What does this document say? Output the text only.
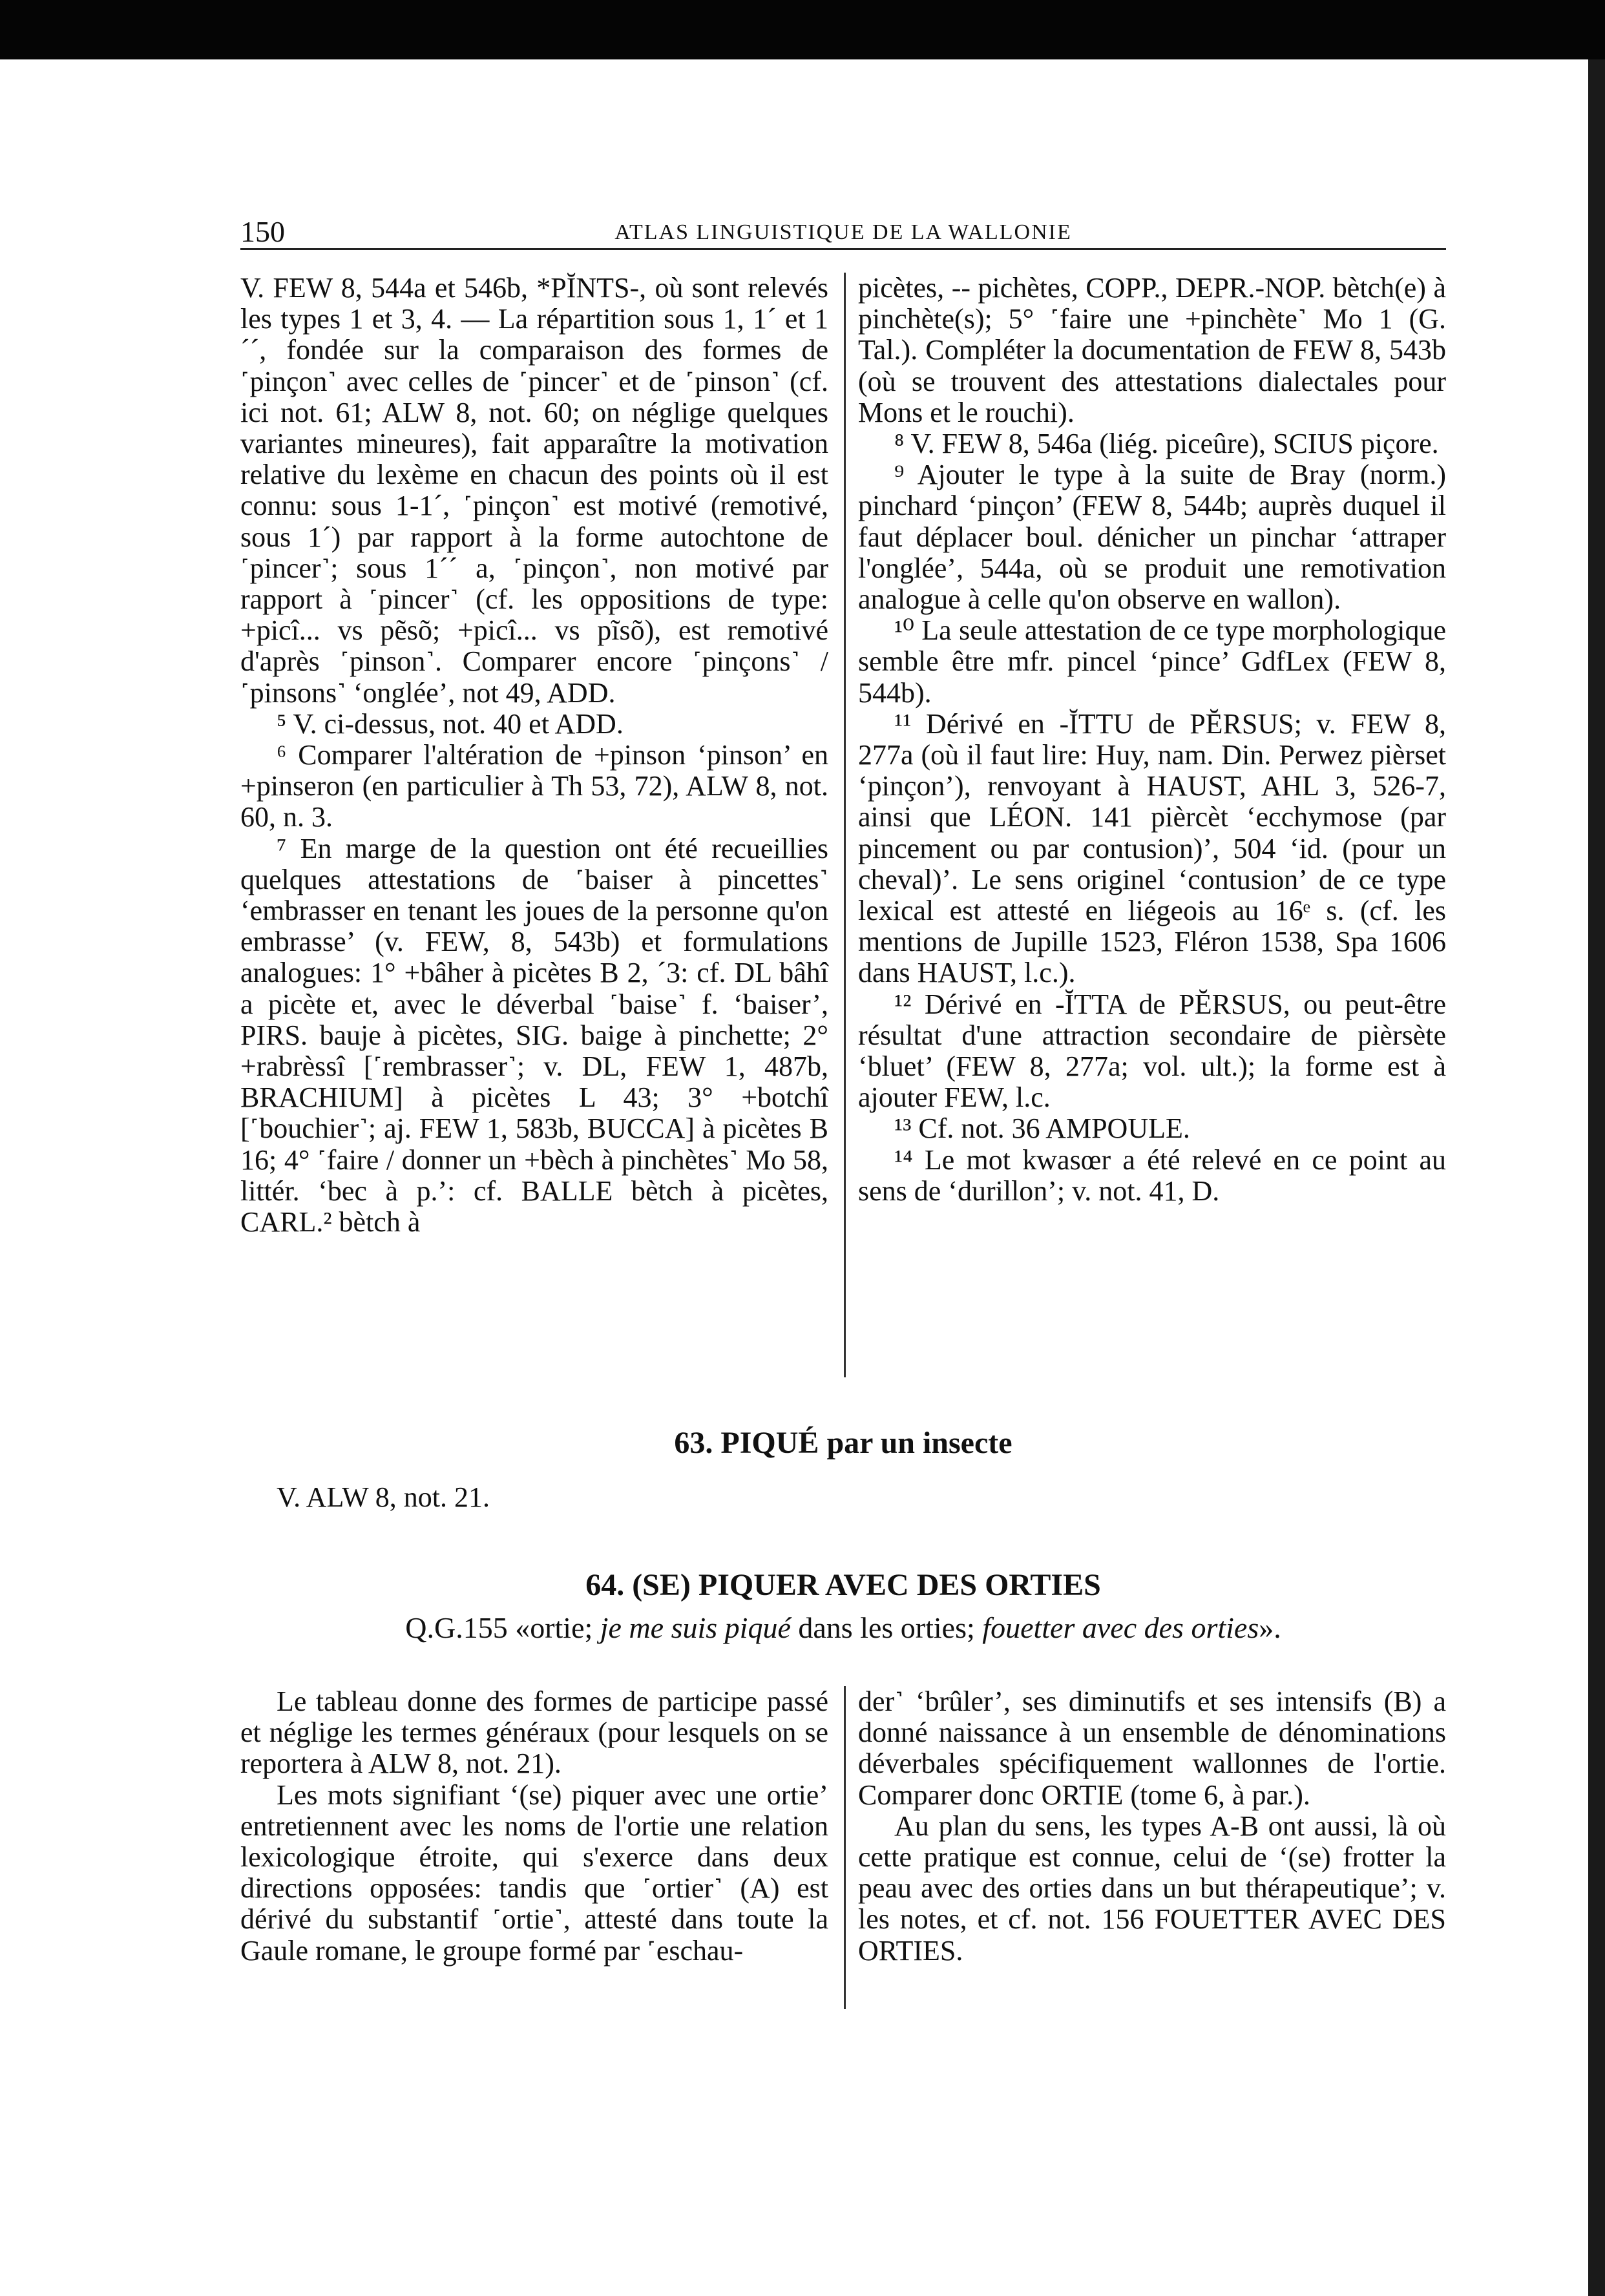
150	ATLAS LINGUISTIQUE DE LA WALLONIE

V. FEW 8, 544a et 546b, *PĬNTS-, où sont relevés les types 1 et 3, 4. — La répartition sous 1, 1´ et 1´´, fondée sur la comparaison des formes de ˹pinçon˺ avec celles de ˹pincer˺ et de ˹pinson˺ (cf. ici not. 61; ALW 8, not. 60; on néglige quelques variantes mineures), fait apparaître la motivation relative du lexème en chacun des points où il est connu: sous 1-1´, ˹pinçon˺ est motivé (remotivé, sous 1´) par rapport à la forme autochtone de ˹pincer˺; sous 1´´ a, ˹pinçon˺, non motivé par rapport à ˹pincer˺ (cf. les oppositions de type: +picî... vs pẽsõ; +picî... vs pĩsõ), est remotivé d'après ˹pinson˺. Comparer encore ˹pinçons˺ / ˹pinsons˺ ‘onglée’, not 49, ADD.

⁵ V. ci-dessus, not. 40 et ADD.

⁶ Comparer l'altération de +pinson ‘pinson’ en +pinseron (en particulier à Th 53, 72), ALW 8, not. 60, n. 3.

⁷ En marge de la question ont été recueillies quelques attestations de ˹baiser à pincettes˺ ‘embrasser en tenant les joues de la personne qu'on embrasse’ (v. FEW, 8, 543b) et formulations analogues: 1° +bâher à picètes B 2, ´3: cf. DL bâhî a picète et, avec le déverbal ˹baise˺ f. ‘baiser’, PIRS. bauje à picètes, SIG. baige à pinchette; 2° +rabrèssî [˹rembrasser˺; v. DL, FEW 1, 487b, BRACHIUM] à picètes L 43; 3° +botchî [˹bouchier˺; aj. FEW 1, 583b, BUCCA] à picètes B 16; 4° ˹faire / donner un +bèch à pinchètes˺ Mo 58, littér. ‘bec à p.’: cf. BALLE bètch à picètes, CARL.² bètch à

picètes, -- pichètes, COPP., DEPR.-NOP. bètch(e) à pinchète(s); 5° ˹faire une +pinchète˺ Mo 1 (G. Tal.). Compléter la documentation de FEW 8, 543b (où se trouvent des attestations dialectales pour Mons et le rouchi).

⁸ V. FEW 8, 546a (liég. piceûre), SCIUS piçore.

⁹ Ajouter le type à la suite de Bray (norm.) pinchard ‘pinçon’ (FEW 8, 544b; auprès duquel il faut déplacer boul. dénicher un pinchar ‘attraper l'onglée’, 544a, où se produit une remotivation analogue à celle qu'on observe en wallon).

¹⁰ La seule attestation de ce type morphologique semble être mfr. pincel ‘pince’ GdfLex (FEW 8, 544b).

¹¹ Dérivé en -ĬTTU de PĔRSUS; v. FEW 8, 277a (où il faut lire: Huy, nam. Din. Perwez pièrset ‘pinçon’), renvoyant à HAUST, AHL 3, 526-7, ainsi que LÉON. 141 pièrcèt ‘ecchymose (par pincement ou par contusion)’, 504 ‘id. (pour un cheval)’. Le sens originel ‘contusion’ de ce type lexical est attesté en liégeois au 16ᵉ s. (cf. les mentions de Jupille 1523, Fléron 1538, Spa 1606 dans HAUST, l.c.).

¹² Dérivé en -ĬTTA de PĔRSUS, ou peut-être résultat d'une attraction secondaire de pièrsète ‘bluet’ (FEW 8, 277a; vol. ult.); la forme est à ajouter FEW, l.c.

¹³ Cf. not. 36 AMPOULE.

¹⁴ Le mot kwasœr a été relevé en ce point au sens de ‘durillon’; v. not. 41, D.

63. PIQUÉ par un insecte
V. ALW 8, not. 21.
64. (SE) PIQUER AVEC DES ORTIES
Q.G.155 «ortie; je me suis piqué dans les orties; fouetter avec des orties».

Le tableau donne des formes de participe passé et néglige les termes généraux (pour lesquels on se reportera à ALW 8, not. 21).

Les mots signifiant ‘(se) piquer avec une ortie’ entretiennent avec les noms de l'ortie une relation lexicologique étroite, qui s'exerce dans deux directions opposées: tandis que ˹ortier˺ (A) est dérivé du substantif ˹ortie˺, attesté dans toute la Gaule romane, le groupe formé par ˹eschau-

der˺ ‘brûler’, ses diminutifs et ses intensifs (B) a donné naissance à un ensemble de dénominations déverbales spécifiquement wallonnes de l'ortie. Comparer donc ORTIE (tome 6, à par.).

Au plan du sens, les types A-B ont aussi, là où cette pratique est connue, celui de ‘(se) frotter la peau avec des orties dans un but thérapeutique’; v. les notes, et cf. not. 156 FOUETTER AVEC DES ORTIES.
